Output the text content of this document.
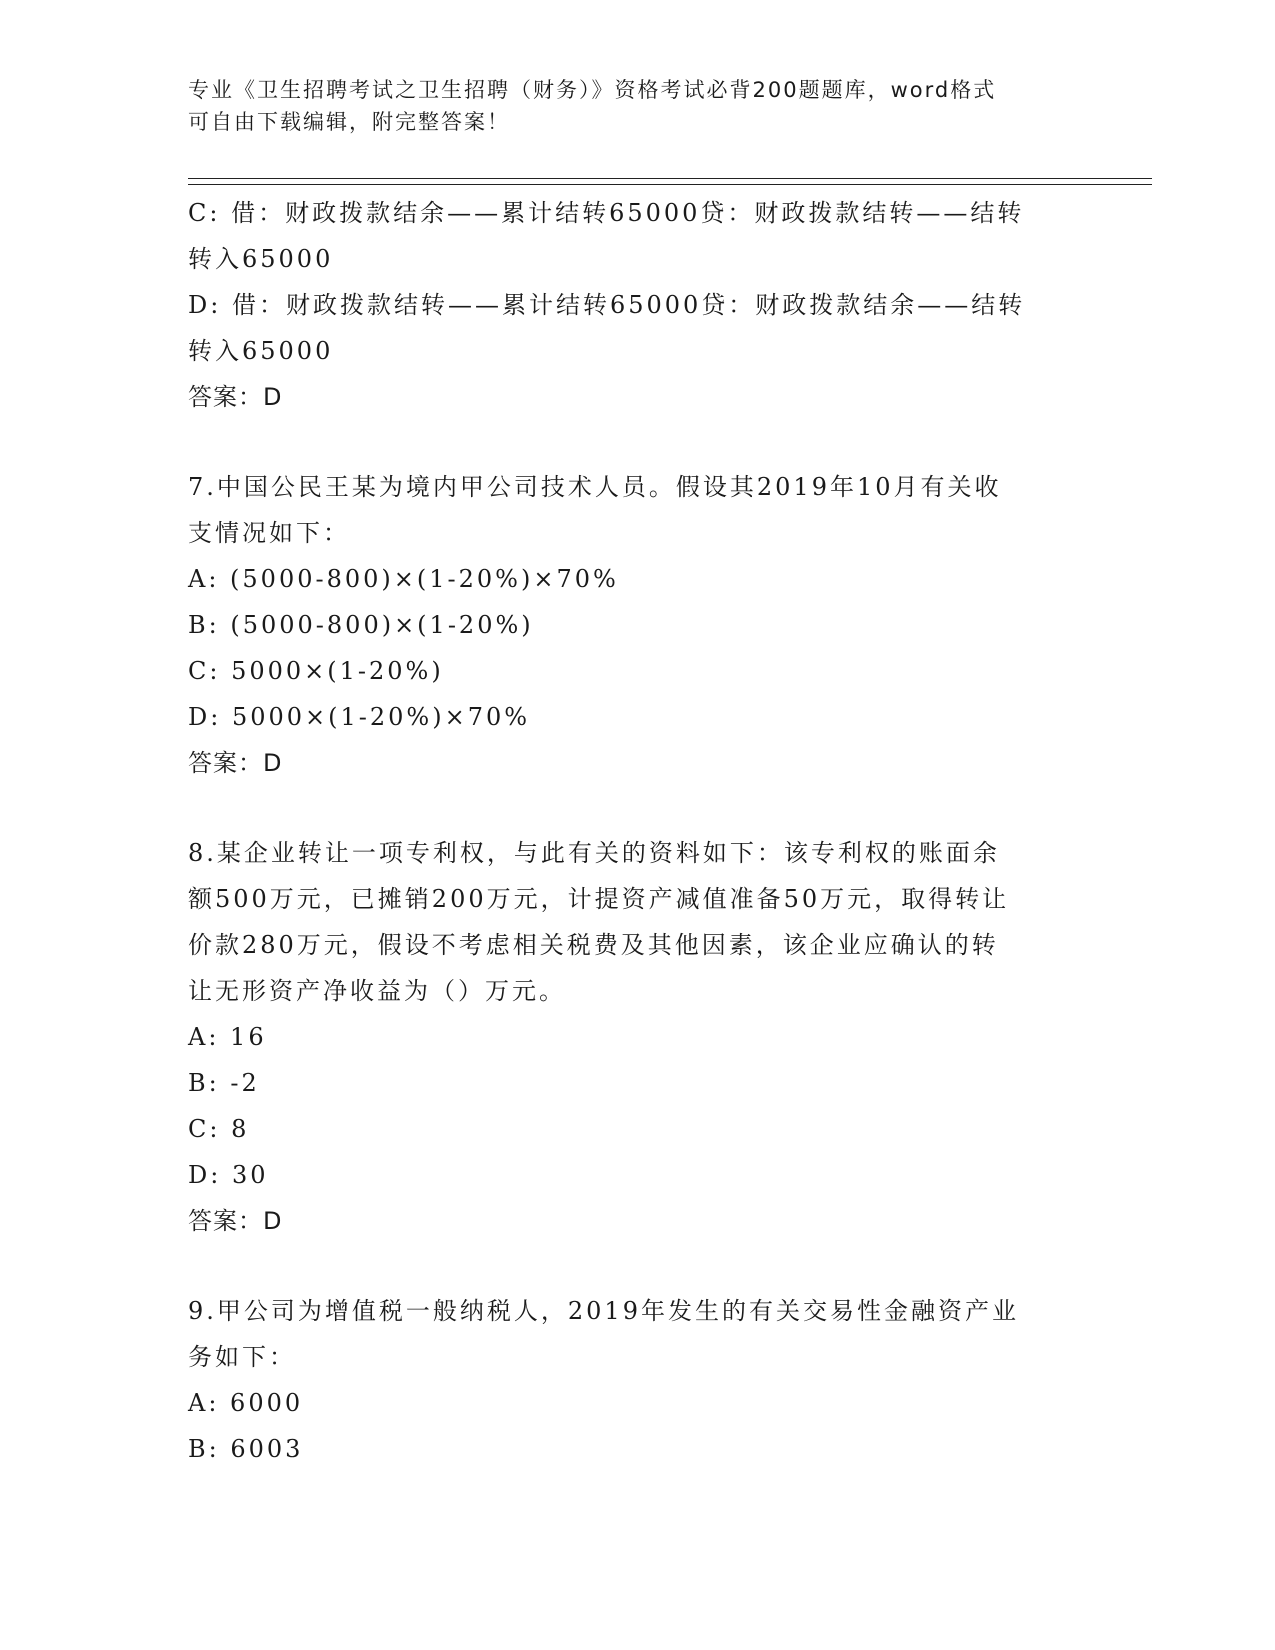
专业《卫生招聘考试之卫生招聘（财务）》资格考试必背200题题库，word格式
可自由下载编辑，附完整答案！
C: 借：财政拨款结余——累计结转65000贷：财政拨款结转——结转
转入65000
D: 借：财政拨款结转——累计结转65000贷：财政拨款结余——结转
转入65000
答案：D
7.中国公民王某为境内甲公司技术人员。假设其2019年10月有关收
支情况如下：
A: (5000-800)×(1-20%)×70%
B: (5000-800)×(1-20%)
C: 5000×(1-20%)
D: 5000×(1-20%)×70%
答案：D
8.某企业转让一项专利权，与此有关的资料如下：该专利权的账面余
额500万元，已摊销200万元，计提资产减值准备50万元，取得转让
价款280万元，假设不考虑相关税费及其他因素，该企业应确认的转
让无形资产净收益为（）万元。
A: 16
B: -2
C: 8
D: 30
答案：D
9.甲公司为增值税一般纳税人，2019年发生的有关交易性金融资产业
务如下：
A: 6000
B: 6003
